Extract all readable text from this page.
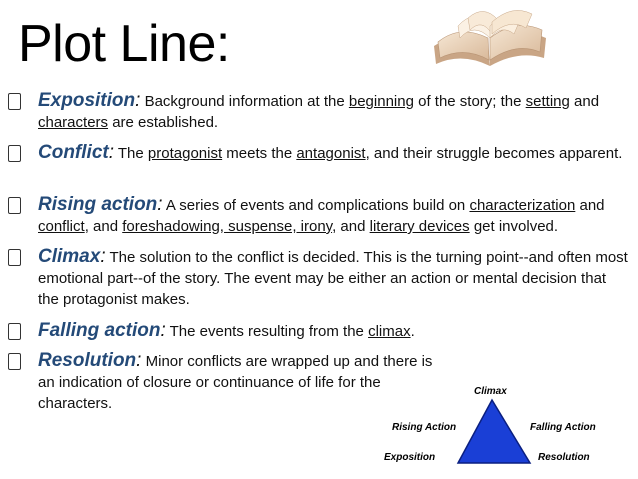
Plot Line:
Exposition: Background information at the beginning of the story; the setting and characters are established.
Conflict: The protagonist meets the antagonist, and their struggle becomes apparent.
Rising action: A series of events and complications build on characterization and conflict, and foreshadowing, suspense, irony, and literary devices get involved.
Climax: The solution to the conflict is decided. This is the turning point--and often most emotional part--of the story. The event may be either an action or mental decision that the protagonist makes.
Falling action: The events resulting from the climax.
Resolution: Minor conflicts are wrapped up and there is an indication of closure or continuance of life for the characters.
Climax
Rising Action	Falling Action
Exposition	Resolution
